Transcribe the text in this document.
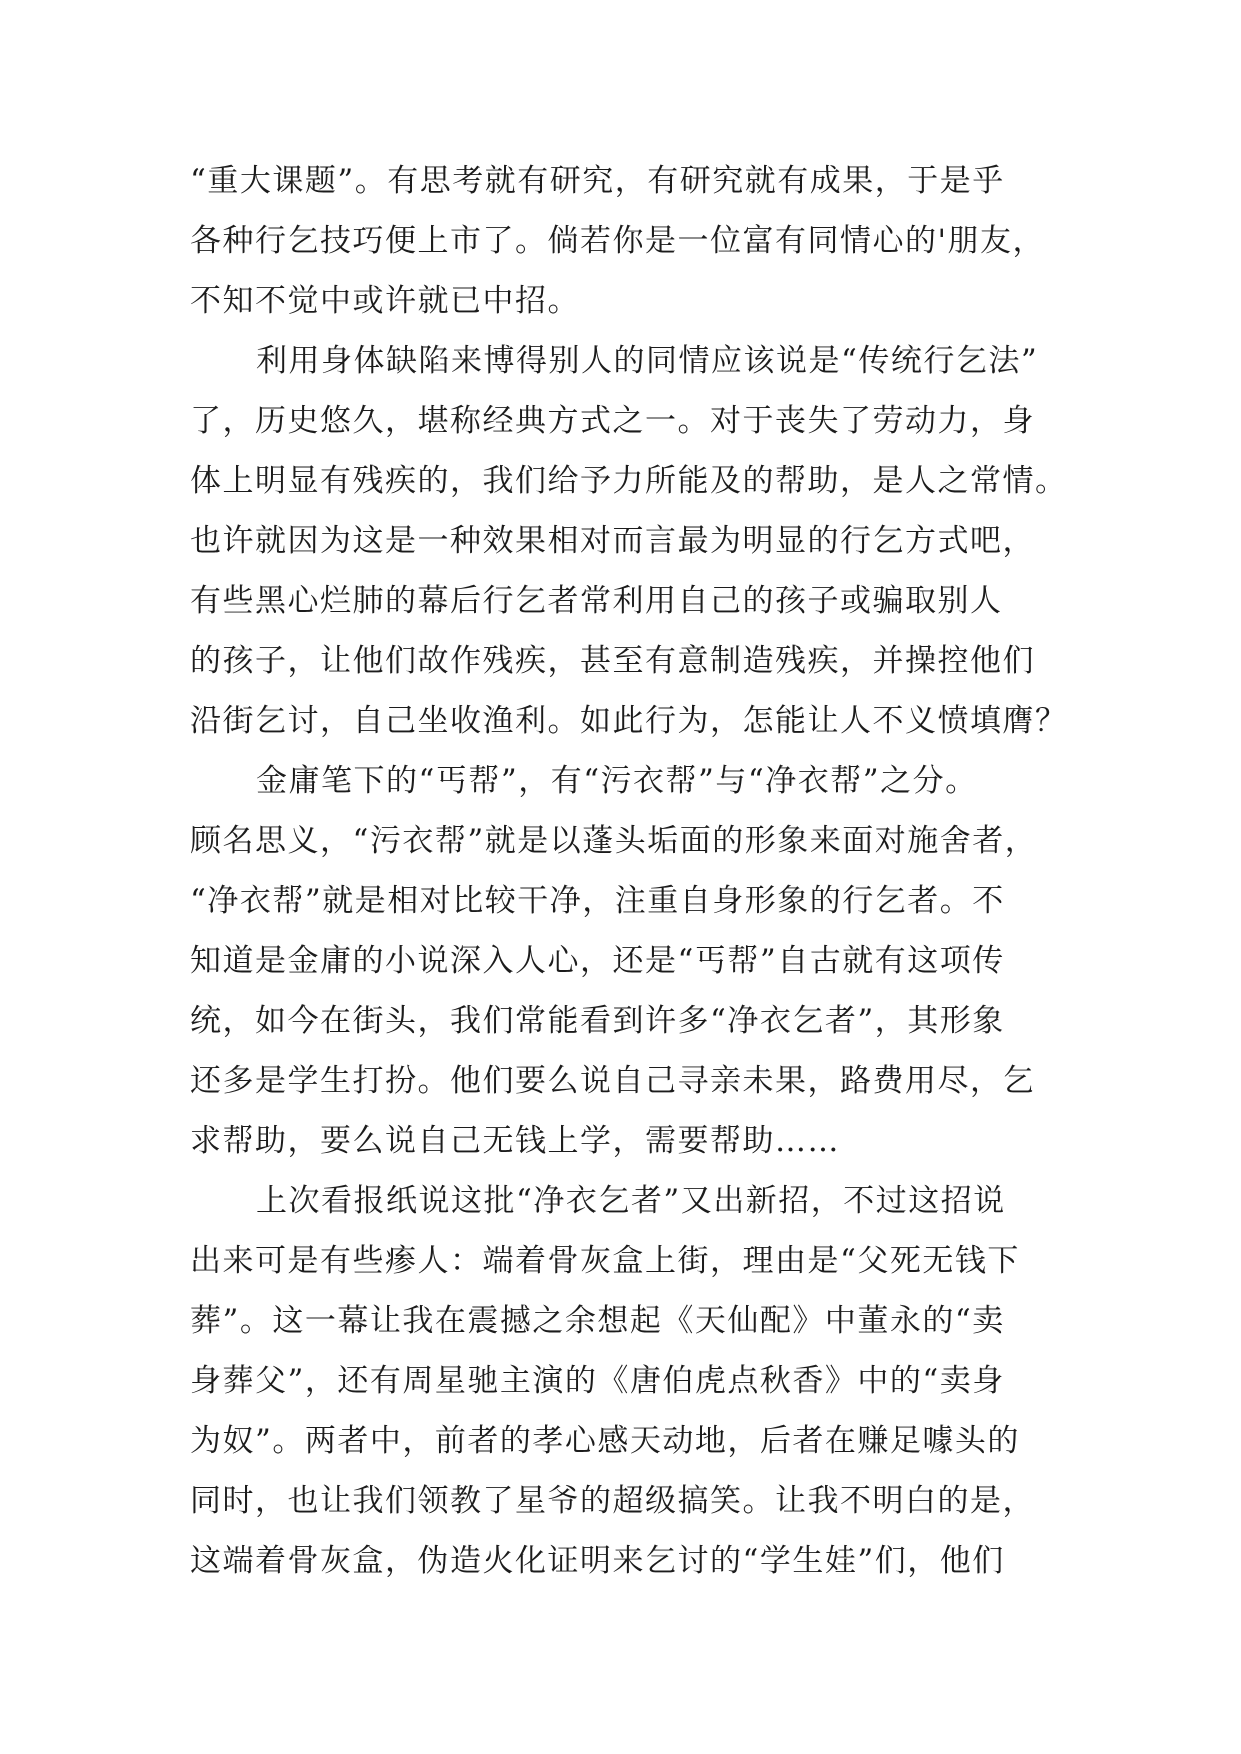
“重大课题”。有思考就有研究，有研究就有成果，于是乎
各种行乞技巧便上市了。倘若你是一位富有同情心的'朋友，
不知不觉中或许就已中招。
利用身体缺陷来博得别人的同情应该说是“传统行乞法”
了，历史悠久，堪称经典方式之一。对于丧失了劳动力，身
体上明显有残疾的，我们给予力所能及的帮助，是人之常情。
也许就因为这是一种效果相对而言最为明显的行乞方式吧，
有些黑心烂肺的幕后行乞者常利用自己的孩子或骗取别人
的孩子，让他们故作残疾，甚至有意制造残疾，并操控他们
沿街乞讨，自己坐收渔利。如此行为，怎能让人不义愤填膺？
金庸笔下的“丐帮”，有“污衣帮”与“净衣帮”之分。
顾名思义，“污衣帮”就是以蓬头垢面的形象来面对施舍者，
“净衣帮”就是相对比较干净，注重自身形象的行乞者。不
知道是金庸的小说深入人心，还是“丐帮”自古就有这项传
统，如今在街头，我们常能看到许多“净衣乞者”，其形象
还多是学生打扮。他们要么说自己寻亲未果，路费用尽，乞
求帮助，要么说自己无钱上学，需要帮助……
上次看报纸说这批“净衣乞者”又出新招，不过这招说
出来可是有些瘆人：端着骨灰盒上街，理由是“父死无钱下
葬”。这一幕让我在震撼之余想起《天仙配》中董永的“卖
身葬父”，还有周星驰主演的《唐伯虎点秋香》中的“卖身
为奴”。两者中，前者的孝心感天动地，后者在赚足噱头的
同时，也让我们领教了星爷的超级搞笑。让我不明白的是，
这端着骨灰盒，伪造火化证明来乞讨的“学生娃”们，他们
